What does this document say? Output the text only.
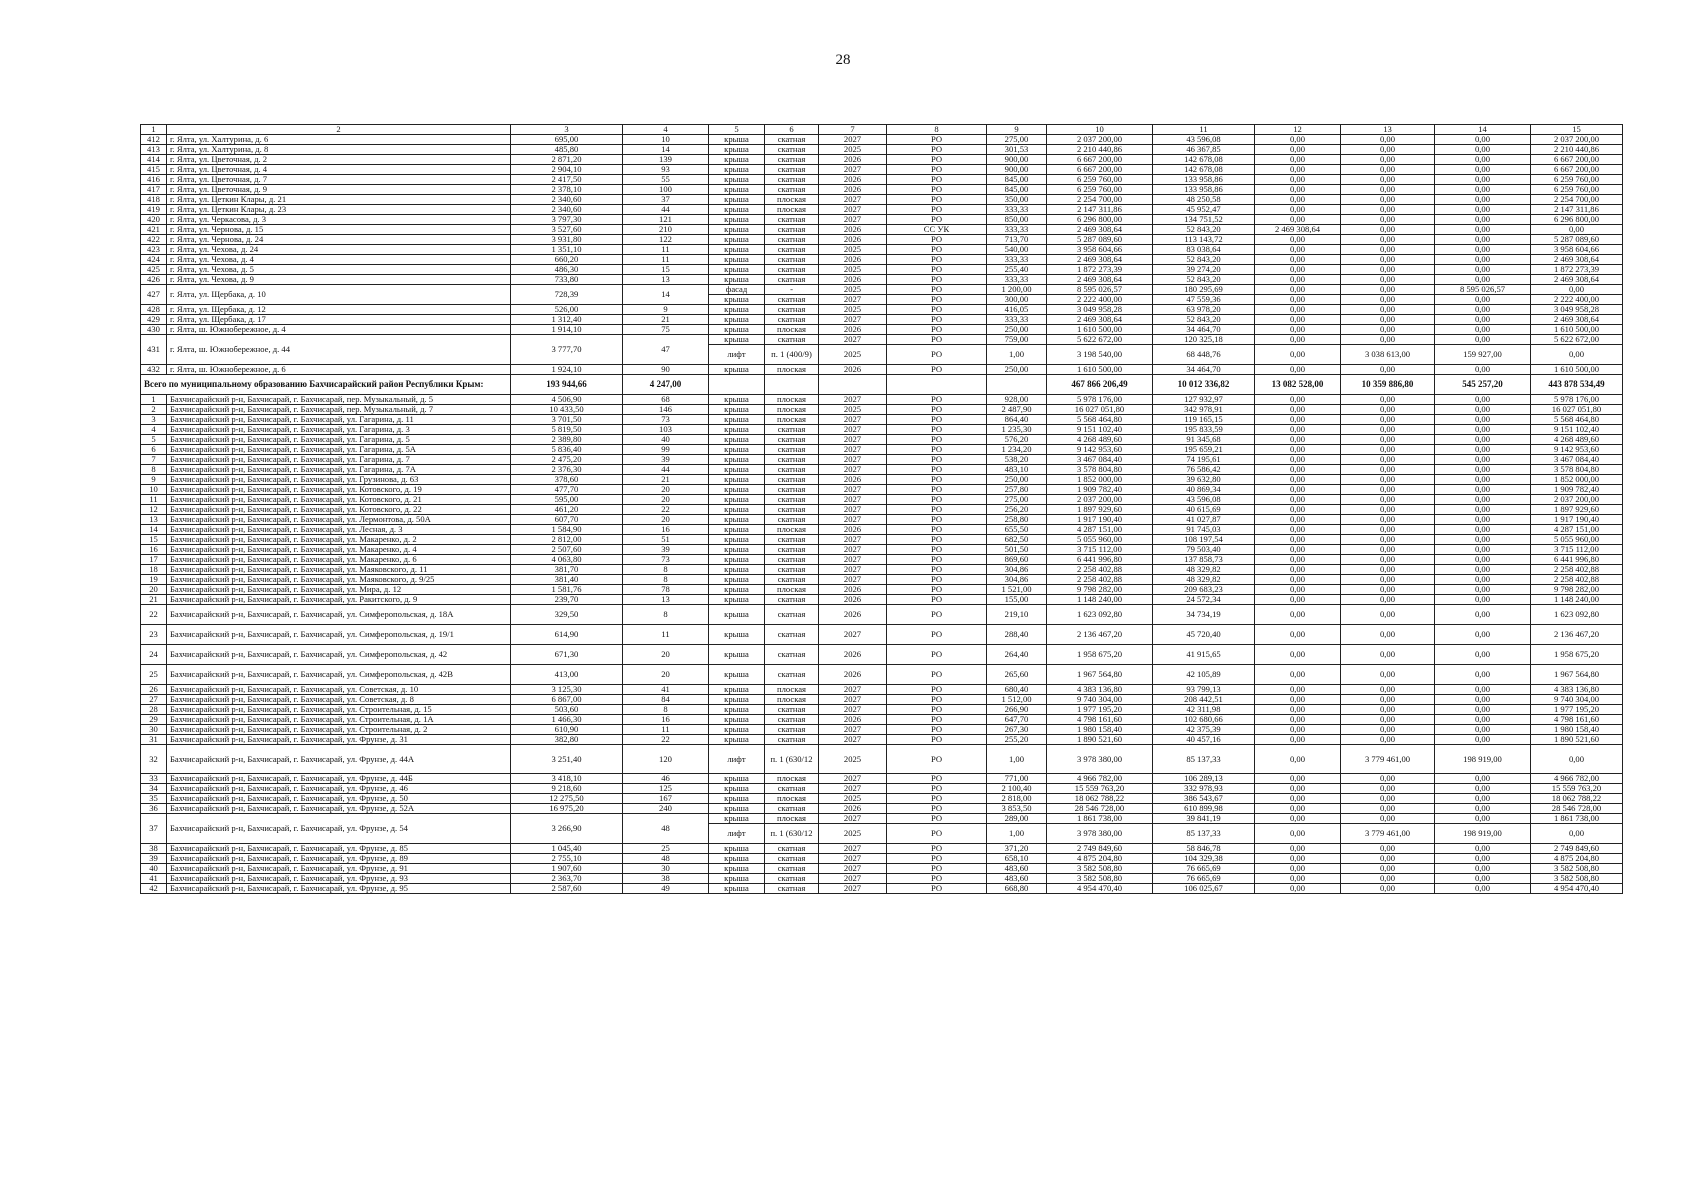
28
1	2	3	4	5	6	7	8	9	10	11	12	13	14	15
412	г. Ялта, ул. Халтурина, д. 6	695,00	10	крыша	скатная	2027	РО	275,00	2 037 200,00	43 596,08	0,00	0,00	0,00	2 037 200,00
413	г. Ялта, ул. Халтурина, д. 8	485,80	14	крыша	скатная	2025	РО	301,53	2 210 440,86	46 367,85	0,00	0,00	0,00	2 210 440,86
414	г. Ялта, ул. Цветочная, д. 2	2 871,20	139	крыша	скатная	2026	РО	900,00	6 667 200,00	142 678,08	0,00	0,00	0,00	6 667 200,00
415	г. Ялта, ул. Цветочная, д. 4	2 904,10	93	крыша	скатная	2027	РО	900,00	6 667 200,00	142 678,08	0,00	0,00	0,00	6 667 200,00
416	г. Ялта, ул. Цветочная, д. 7	2 417,50	55	крыша	скатная	2026	РО	845,00	6 259 760,00	133 958,86	0,00	0,00	0,00	6 259 760,00
417	г. Ялта, ул. Цветочная, д. 9	2 378,10	100	крыша	скатная	2026	РО	845,00	6 259 760,00	133 958,86	0,00	0,00	0,00	6 259 760,00
418	г. Ялта, ул. Цеткин Клары, д. 21	2 340,60	37	крыша	плоская	2027	РО	350,00	2 254 700,00	48 250,58	0,00	0,00	0,00	2 254 700,00
419	г. Ялта, ул. Цеткин Клары, д. 23	2 340,60	44	крыша	плоская	2027	РО	333,33	2 147 311,86	45 952,47	0,00	0,00	0,00	2 147 311,86
420	г. Ялта, ул. Черкасова, д. 3	3 797,30	121	крыша	скатная	2027	РО	850,00	6 296 800,00	134 751,52	0,00	0,00	0,00	6 296 800,00
421	г. Ялта, ул. Чернова, д. 15	3 527,60	210	крыша	скатная	2026	СС УК	333,33	2 469 308,64	52 843,20	2 469 308,64	0,00	0,00	0,00
422	г. Ялта, ул. Чернова, д. 24	3 931,80	122	крыша	скатная	2026	РО	713,70	5 287 089,60	113 143,72	0,00	0,00	0,00	5 287 089,60
423	г. Ялта, ул. Чехова, д. 24	1 351,10	11	крыша	скатная	2025	РО	540,00	3 958 604,66	83 038,64	0,00	0,00	0,00	3 958 604,66
424	г. Ялта, ул. Чехова, д. 4	660,20	11	крыша	скатная	2026	РО	333,33	2 469 308,64	52 843,20	0,00	0,00	0,00	2 469 308,64
425	г. Ялта, ул. Чехова, д. 5	486,30	15	крыша	скатная	2025	РО	255,40	1 872 273,39	39 274,20	0,00	0,00	0,00	1 872 273,39
426	г. Ялта, ул. Чехова, д. 9	733,80	13	крыша	скатная	2026	РО	333,33	2 469 308,64	52 843,20	0,00	0,00	0,00	2 469 308,64
427	г. Ялта, ул. Щербака, д. 10	728,39	14	фасад	-	2025	РО	1 200,00	8 595 026,57	180 295,69	0,00	0,00	8 595 026,57	0,00
				крыша	скатная	2027	РО	300,00	2 222 400,00	47 559,36	0,00	0,00	0,00	2 222 400,00
428	г. Ялта, ул. Щербака, д. 12	526,00	9	крыша	скатная	2025	РО	416,05	3 049 958,28	63 978,20	0,00	0,00	0,00	3 049 958,28
429	г. Ялта, ул. Щербака, д. 17	1 312,40	21	крыша	скатная	2027	РО	333,33	2 469 308,64	52 843,20	0,00	0,00	0,00	2 469 308,64
430	г. Ялта, ш. Южнобережное, д. 4	1 914,10	75	крыша	плоская	2026	РО	250,00	1 610 500,00	34 464,70	0,00	0,00	0,00	1 610 500,00
431	г. Ялта, ш. Южнобережное, д. 44	3 777,70	47	крыша	скатная	2027	РО	759,00	5 622 672,00	120 325,18	0,00	0,00	0,00	5 622 672,00
				лифт	п. 1 (400/9)	2025	РО	1,00	3 198 540,00	68 448,76	0,00	3 038 613,00	159 927,00	0,00
432	г. Ялта, ш. Южнобережное, д. 6	1 924,10	90	крыша	плоская	2026	РО	250,00	1 610 500,00	34 464,70	0,00	0,00	0,00	1 610 500,00
Всего по муниципальному образованию Бахчисарайский район Республики Крым:		193 944,66	4 247,00						467 866 206,49	10 012 336,82	13 082 528,00	10 359 886,80	545 257,20	443 878 534,49
1	Бахчисарайский р-н, Бахчисарай, г. Бахчисарай, пер. Музыкальный, д. 5	4 506,90	68	крыша	плоская	2027	РО	928,00	5 978 176,00	127 932,97	0,00	0,00	0,00	5 978 176,00
2	Бахчисарайский р-н, Бахчисарай, г. Бахчисарай, пер. Музыкальный, д. 7	10 433,50	146	крыша	плоская	2025	РО	2 487,90	16 027 051,80	342 978,91	0,00	0,00	0,00	16 027 051,80
3	Бахчисарайский р-н, Бахчисарай, г. Бахчисарай, ул. Гагарина, д. 11	3 701,50	73	крыша	плоская	2027	РО	864,40	5 568 464,80	119 165,15	0,00	0,00	0,00	5 568 464,80
4	Бахчисарайский р-н, Бахчисарай, г. Бахчисарай, ул. Гагарина, д. 3	5 819,50	103	крыша	скатная	2027	РО	1 235,30	9 151 102,40	195 833,59	0,00	0,00	0,00	9 151 102,40
5	Бахчисарайский р-н, Бахчисарай, г. Бахчисарай, ул. Гагарина, д. 5	2 389,80	40	крыша	скатная	2027	РО	576,20	4 268 489,60	91 345,68	0,00	0,00	0,00	4 268 489,60
6	Бахчисарайский р-н, Бахчисарай, г. Бахчисарай, ул. Гагарина, д. 5А	5 836,40	99	крыша	скатная	2027	РО	1 234,20	9 142 953,60	195 659,21	0,00	0,00	0,00	9 142 953,60
7	Бахчисарайский р-н, Бахчисарай, г. Бахчисарай, ул. Гагарина, д. 7	2 475,20	39	крыша	скатная	2027	РО	538,20	3 467 084,40	74 195,61	0,00	0,00	0,00	3 467 084,40
8	Бахчисарайский р-н, Бахчисарай, г. Бахчисарай, ул. Гагарина, д. 7А	2 376,30	44	крыша	скатная	2027	РО	483,10	3 578 804,80	76 586,42	0,00	0,00	0,00	3 578 804,80
9	Бахчисарайский р-н, Бахчисарай, г. Бахчисарай, ул. Грузинова, д. 63	378,60	21	крыша	скатная	2026	РО	250,00	1 852 000,00	39 632,80	0,00	0,00	0,00	1 852 000,00
10	Бахчисарайский р-н, Бахчисарай, г. Бахчисарай, ул. Котовского, д. 19	477,70	20	крыша	скатная	2027	РО	257,80	1 909 782,40	40 869,34	0,00	0,00	0,00	1 909 782,40
11	Бахчисарайский р-н, Бахчисарай, г. Бахчисарай, ул. Котовского, д. 21	595,00	20	крыша	скатная	2027	РО	275,00	2 037 200,00	43 596,08	0,00	0,00	0,00	2 037 200,00
12	Бахчисарайский р-н, Бахчисарай, г. Бахчисарай, ул. Котовского, д. 22	461,20	22	крыша	скатная	2027	РО	256,20	1 897 929,60	40 615,69	0,00	0,00	0,00	1 897 929,60
13	Бахчисарайский р-н, Бахчисарай, г. Бахчисарай, ул. Лермонтова, д. 50А	607,70	20	крыша	скатная	2027	РО	258,80	1 917 190,40	41 027,87	0,00	0,00	0,00	1 917 190,40
14	Бахчисарайский р-н, Бахчисарай, г. Бахчисарай, ул. Лесная, д. 3	1 584,90	16	крыша	плоская	2026	РО	655,50	4 287 151,00	91 745,03	0,00	0,00	0,00	4 287 151,00
15	Бахчисарайский р-н, Бахчисарай, г. Бахчисарай, ул. Макаренко, д. 2	2 812,00	51	крыша	скатная	2027	РО	682,50	5 055 960,00	108 197,54	0,00	0,00	0,00	5 055 960,00
16	Бахчисарайский р-н, Бахчисарай, г. Бахчисарай, ул. Макаренко, д. 4	2 507,60	39	крыша	скатная	2027	РО	501,50	3 715 112,00	79 503,40	0,00	0,00	0,00	3 715 112,00
17	Бахчисарайский р-н, Бахчисарай, г. Бахчисарай, ул. Макаренко, д. 6	4 063,80	73	крыша	скатная	2027	РО	869,60	6 441 996,80	137 858,73	0,00	0,00	0,00	6 441 996,80
18	Бахчисарайский р-н, Бахчисарай, г. Бахчисарай, ул. Маяковского, д. 11	381,70	8	крыша	скатная	2027	РО	304,86	2 258 402,88	48 329,82	0,00	0,00	0,00	2 258 402,88
19	Бахчисарайский р-н, Бахчисарай, г. Бахчисарай, ул. Маяковского, д. 9/25	381,40	8	крыша	скатная	2027	РО	304,86	2 258 402,88	48 329,82	0,00	0,00	0,00	2 258 402,88
20	Бахчисарайский р-н, Бахчисарай, г. Бахчисарай, ул. Мира, д. 12	1 581,76	78	крыша	плоская	2026	РО	1 521,00	9 798 282,00	209 683,23	0,00	0,00	0,00	9 798 282,00
21	Бахчисарайский р-н, Бахчисарай, г. Бахчисарай, ул. Ракитского, д. 9	239,70	13	крыша	скатная	2026	РО	155,00	1 148 240,00	24 572,34	0,00	0,00	0,00	1 148 240,00
22	Бахчисарайский р-н, Бахчисарай, г. Бахчисарай, ул. Симферопольская, д. 18А	329,50	8	крыша	скатная	2026	РО	219,10	1 623 092,80	34 734,19	0,00	0,00	0,00	1 623 092,80
23	Бахчисарайский р-н, Бахчисарай, г. Бахчисарай, ул. Симферопольская, д. 19/1	614,90	11	крыша	скатная	2027	РО	288,40	2 136 467,20	45 720,40	0,00	0,00	0,00	2 136 467,20
24	Бахчисарайский р-н, Бахчисарай, г. Бахчисарай, ул. Симферопольская, д. 42	671,30	20	крыша	скатная	2026	РО	264,40	1 958 675,20	41 915,65	0,00	0,00	0,00	1 958 675,20
25	Бахчисарайский р-н, Бахчисарай, г. Бахчисарай, ул. Симферопольская, д. 42В	413,00	20	крыша	скатная	2026	РО	265,60	1 967 564,80	42 105,89	0,00	0,00	0,00	1 967 564,80
26	Бахчисарайский р-н, Бахчисарай, г. Бахчисарай, ул. Советская, д. 10	3 125,30	41	крыша	плоская	2027	РО	680,40	4 383 136,80	93 799,13	0,00	0,00	0,00	4 383 136,80
27	Бахчисарайский р-н, Бахчисарай, г. Бахчисарай, ул. Советская, д. 8	6 867,00	84	крыша	плоская	2027	РО	1 512,00	9 740 304,00	208 442,51	0,00	0,00	0,00	9 740 304,00
28	Бахчисарайский р-н, Бахчисарай, г. Бахчисарай, ул. Строительная, д. 15	503,60	8	крыша	скатная	2027	РО	266,90	1 977 195,20	42 311,98	0,00	0,00	0,00	1 977 195,20
29	Бахчисарайский р-н, Бахчисарай, г. Бахчисарай, ул. Строительная, д. 1А	1 466,30	16	крыша	скатная	2026	РО	647,70	4 798 161,60	102 680,66	0,00	0,00	0,00	4 798 161,60
30	Бахчисарайский р-н, Бахчисарай, г. Бахчисарай, ул. Строительная, д. 2	610,90	11	крыша	скатная	2027	РО	267,30	1 980 158,40	42 375,39	0,00	0,00	0,00	1 980 158,40
31	Бахчисарайский р-н, Бахчисарай, г. Бахчисарай, ул. Фрунзе, д. 31	382,80	22	крыша	скатная	2027	РО	255,20	1 890 521,60	40 457,16	0,00	0,00	0,00	1 890 521,60
32	Бахчисарайский р-н, Бахчисарай, г. Бахчисарай, ул. Фрунзе, д. 44А	3 251,40	120	лифт	п. 1 (630/12	2025	РО	1,00	3 978 380,00	85 137,33	0,00	3 779 461,00	198 919,00	0,00
33	Бахчисарайский р-н, Бахчисарай, г. Бахчисарай, ул. Фрунзе, д. 44Б	3 418,10	46	крыша	плоская	2027	РО	771,00	4 966 782,00	106 289,13	0,00	0,00	0,00	4 966 782,00
34	Бахчисарайский р-н, Бахчисарай, г. Бахчисарай, ул. Фрунзе, д. 46	9 218,60	125	крыша	скатная	2027	РО	2 100,40	15 559 763,20	332 978,93	0,00	0,00	0,00	15 559 763,20
35	Бахчисарайский р-н, Бахчисарай, г. Бахчисарай, ул. Фрунзе, д. 50	12 275,50	167	крыша	плоская	2025	РО	2 818,00	18 062 788,22	386 543,67	0,00	0,00	0,00	18 062 788,22
36	Бахчисарайский р-н, Бахчисарай, г. Бахчисарай, ул. Фрунзе, д. 52А	16 975,20	240	крыша	скатная	2026	РО	3 853,50	28 546 728,00	610 899,98	0,00	0,00	0,00	28 546 728,00
37	Бахчисарайский р-н, Бахчисарай, г. Бахчисарай, ул. Фрунзе, д. 54	3 266,90	48	крыша	плоская	2027	РО	289,00	1 861 738,00	39 841,19	0,00	0,00	0,00	1 861 738,00
				лифт	п. 1 (630/12	2025	РО	1,00	3 978 380,00	85 137,33	0,00	3 779 461,00	198 919,00	0,00
38	Бахчисарайский р-н, Бахчисарай, г. Бахчисарай, ул. Фрунзе, д. 85	1 045,40	25	крыша	скатная	2027	РО	371,20	2 749 849,60	58 846,78	0,00	0,00	0,00	2 749 849,60
39	Бахчисарайский р-н, Бахчисарай, г. Бахчисарай, ул. Фрунзе, д. 89	2 755,10	48	крыша	скатная	2027	РО	658,10	4 875 204,80	104 329,38	0,00	0,00	0,00	4 875 204,80
40	Бахчисарайский р-н, Бахчисарай, г. Бахчисарай, ул. Фрунзе, д. 91	1 907,60	30	крыша	скатная	2027	РО	483,60	3 582 508,80	76 665,69	0,00	0,00	0,00	3 582 508,80
41	Бахчисарайский р-н, Бахчисарай, г. Бахчисарай, ул. Фрунзе, д. 93	2 363,70	38	крыша	скатная	2027	РО	483,60	3 582 508,80	76 665,69	0,00	0,00	0,00	3 582 508,80
42	Бахчисарайский р-н, Бахчисарай, г. Бахчисарай, ул. Фрунзе, д. 95	2 587,60	49	крыша	скатная	2027	РО	668,80	4 954 470,40	106 025,67	0,00	0,00	0,00	4 954 470,40
